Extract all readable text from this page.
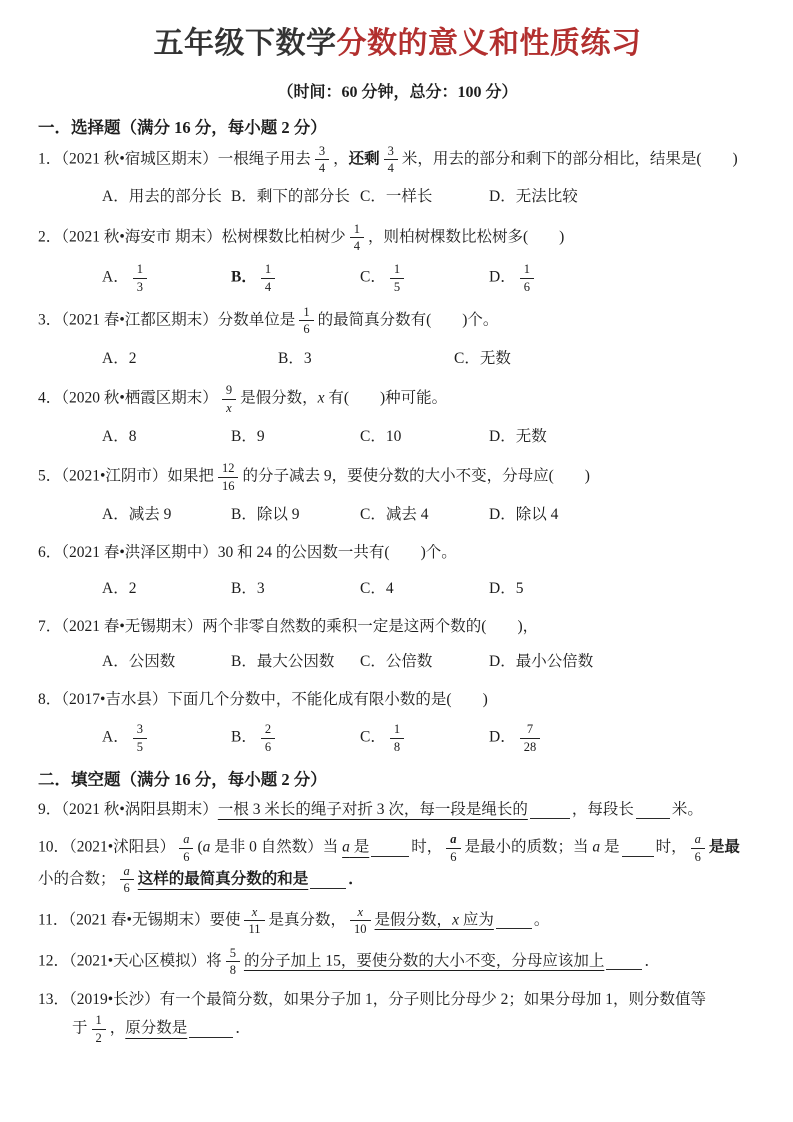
五年级下数学分数的意义和性质练习
（时间：60 分钟，总分：100 分）
一．选择题（满分 16 分，每小题 2 分）
1．（2021 秋•宿城区期末）一根绳子用去 $\frac{3}{4}$ ，还剩 $\frac{3}{4}$ 米，用去的部分和剩下的部分相比，结果是(　　)
A．用去的部分长 B．剩下的部分长 C．一样长	D．无法比较
2．（2021 秋•海安市 期末）松树棵数比柏树少 $\frac{1}{4}$ ，则柏树棵数比松树多(　　)
A． $\frac{1}{3}$	B． $\frac{1}{4}$	C． $\frac{1}{5}$	D． $\frac{1}{6}$
3．（2021 春•江都区期末）分数单位是 $\frac{1}{6}$ 的最简真分数有(　　)个。
A．2	B．3	C．无数
4．（2020 秋•栖霞区期末） $\frac{9}{x}$ 是假分数，x 有(　　)种可能。
A．8	B．9	C．10	D．无数
5．（2021•江阴市）如果把 $\frac{12}{16}$ 的分子减去 9，要使分数的大小不变，分母应(　　)
A．减去 9	B．除以 9	C．减去 4	D．除以 4
6．（2021 春•洪泽区期中）30 和 24 的公因数一共有(　　)个。
A．2	B．3	C．4	D．5
7．（2021 春•无锡期末）两个非零自然数的乘积一定是这两个数的(　　)，
A．公因数	B．最大公因数	C．公倍数	D．最小公倍数
8．（2017•吉水县）下面几个分数中，不能化成有限小数的是(　　)
A． $\frac{3}{5}$	B． $\frac{2}{6}$	C． $\frac{1}{8}$	D． $\frac{7}{28}$
二．填空题（满分 16 分，每小题 2 分）
9．（2021 秋•涡阳县期末）一根 3 米长的绳子对折 3 次，每一段是绳长的	，每段长 米。
10．（2021•沭阳县） $\frac{a}{6} (a$ 是非 0 自然数）当 a 是	时， $\frac{a}{6}$ 是最小的质数；当 a 是 时， $\frac{a}{6}$ 是最
小的合数； $\frac{a}{6}$ 这样的最简真分数的和是	．
11．（2021 春•无锡期末）要使 $\frac{x}{11}$ 是真分数， $\frac{x}{10}$ 是假分数，x 应为	。
12．（2021•天心区模拟）将 $\frac{5}{8}$ 的分子加上 15，要使分数的大小不变，分母应该加上	．
13．（2019•长沙）有一个最简分数，如果分子加 1，分子则比分母少 2；如果分母加 1，则分数值等
于 $\frac{1}{2}$ ，原分数是	．
